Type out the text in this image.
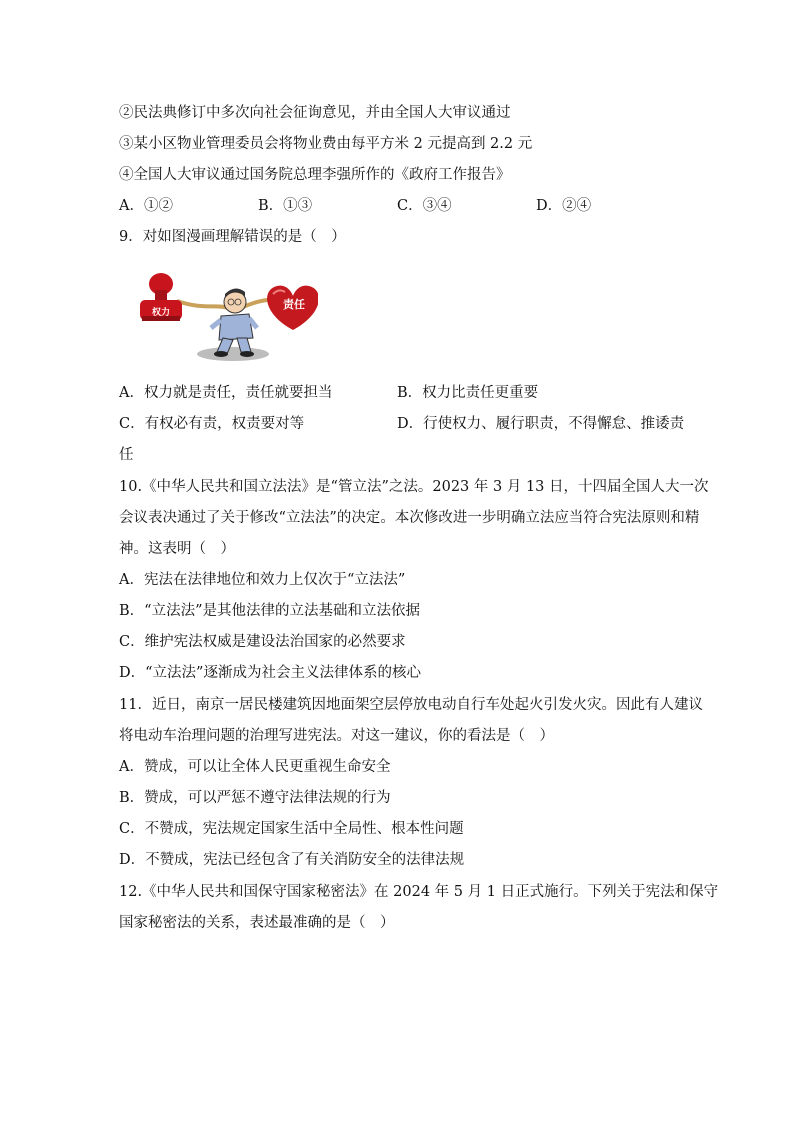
②民法典修订中多次向社会征询意见，并由全国人大审议通过
③某小区物业管理委员会将物业费由每平方米 2 元提高到 2.2 元
④全国人大审议通过国务院总理李强所作的《政府工作报告》
A．①②	B．①③	C．③④	D．②④
9．对如图漫画理解错误的是（　）
权力
责任
A．权力就是责任，责任就要担当	B．权力比责任更重要
C．有权必有责，权责要对等	D．行使权力、履行职责，不得懈怠、推诿责
任
10.《中华人民共和国立法法》是“管立法”之法。2023 年 3 月 13 日，十四届全国人大一次
会议表决通过了关于修改“立法法”的决定。本次修改进一步明确立法应当符合宪法原则和精
神。这表明（　）
A．宪法在法律地位和效力上仅次于“立法法”
B．“立法法”是其他法律的立法基础和立法依据
C．维护宪法权威是建设法治国家的必然要求
D．“立法法”逐渐成为社会主义法律体系的核心
11．近日，南京一居民楼建筑因地面架空层停放电动自行车处起火引发火灾。因此有人建议
将电动车治理问题的治理写进宪法。对这一建议，你的看法是（　）
A．赞成，可以让全体人民更重视生命安全
B．赞成，可以严惩不遵守法律法规的行为
C．不赞成，宪法规定国家生活中全局性、根本性问题
D．不赞成，宪法已经包含了有关消防安全的法律法规
12.《中华人民共和国保守国家秘密法》在 2024 年 5 月 1 日正式施行。下列关于宪法和保守
国家秘密法的关系，表述最准确的是（　）
